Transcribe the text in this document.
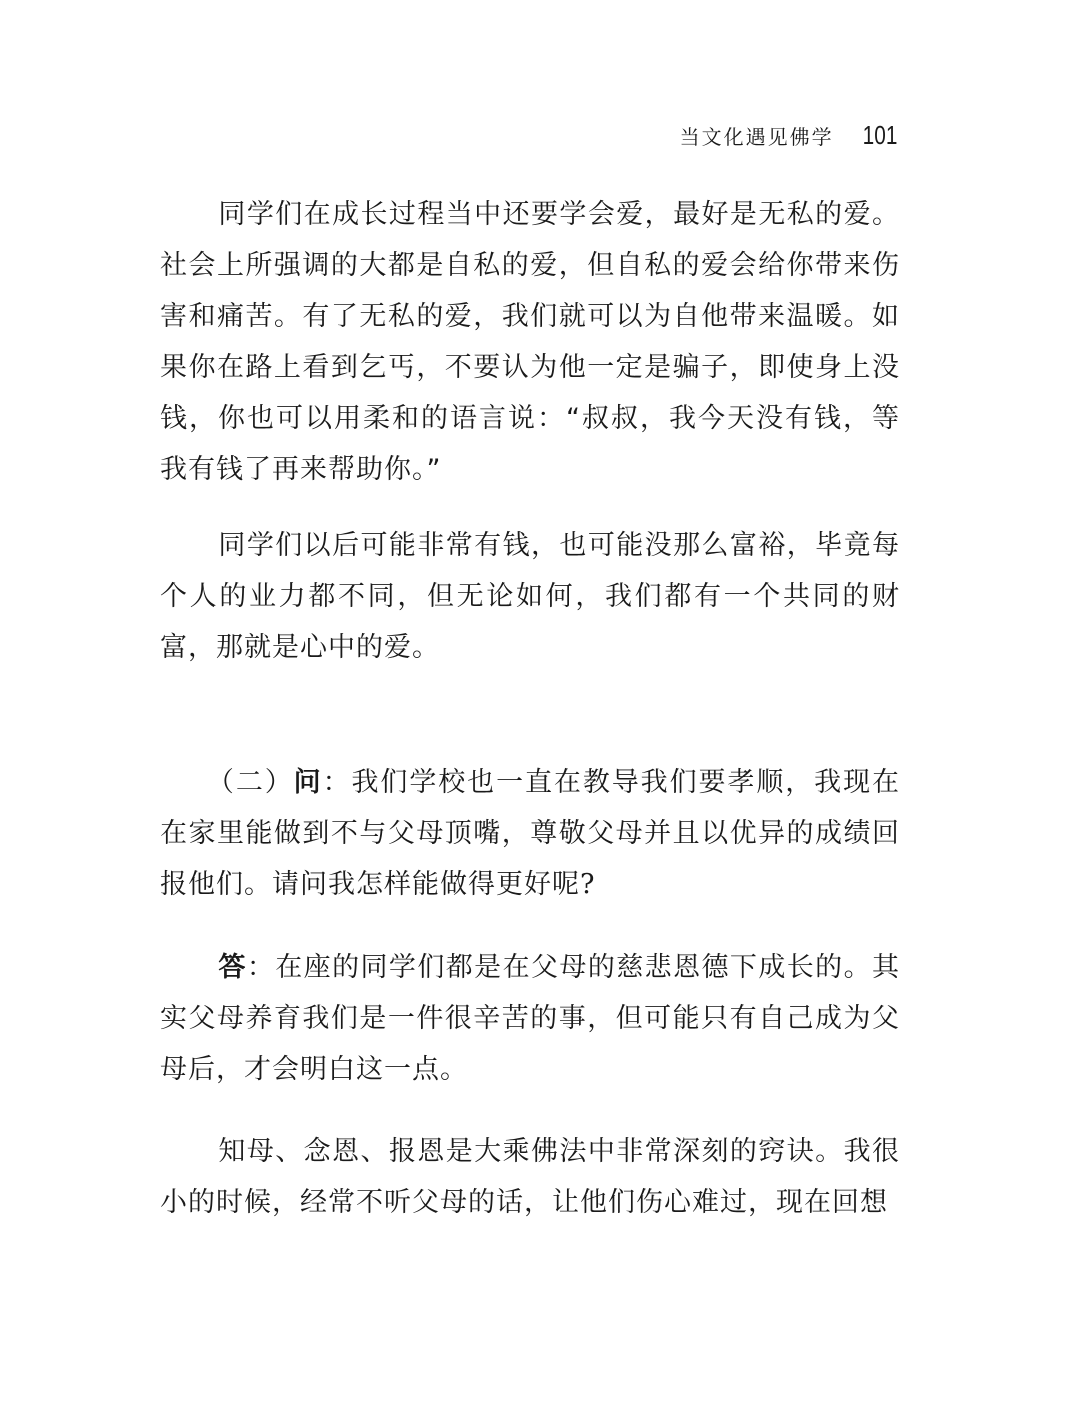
当文化遇见佛学 101

同学们在成长过程当中还要学会爱，最好是无私的爱。社会上所强调的大都是自私的爱，但自私的爱会给你带来伤害和痛苦。有了无私的爱，我们就可以为自他带来温暖。如果你在路上看到乞丐，不要认为他一定是骗子，即使身上没钱，你也可以用柔和的语言说：“叔叔，我今天没有钱，等我有钱了再来帮助你。”

同学们以后可能非常有钱，也可能没那么富裕，毕竟每个人的业力都不同，但无论如何，我们都有一个共同的财富，那就是心中的爱。

（二）问：我们学校也一直在教导我们要孝顺，我现在在家里能做到不与父母顶嘴，尊敬父母并且以优异的成绩回报他们。请问我怎样能做得更好呢?

答：在座的同学们都是在父母的慈悲恩德下成长的。其实父母养育我们是一件很辛苦的事，但可能只有自己成为父母后，才会明白这一点。

知母、念恩、报恩是大乘佛法中非常深刻的窍诀。我很小的时候，经常不听父母的话，让他们伤心难过，现在回想
